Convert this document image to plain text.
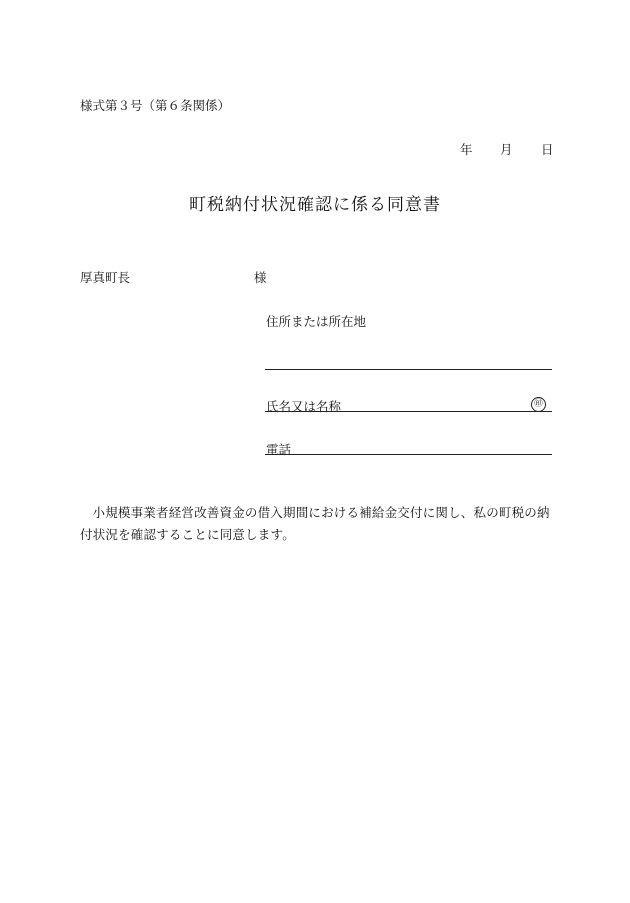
様式第３号（第６条関係）
年 月 日
町税納付状況確認に係る同意書
厚真町長	様
住所または所在地
氏名又は名称	㊞
電話
小規模事業者経営改善資金の借入期間における補給金交付に関し、私の町税の納付状況を確認することに同意します。
